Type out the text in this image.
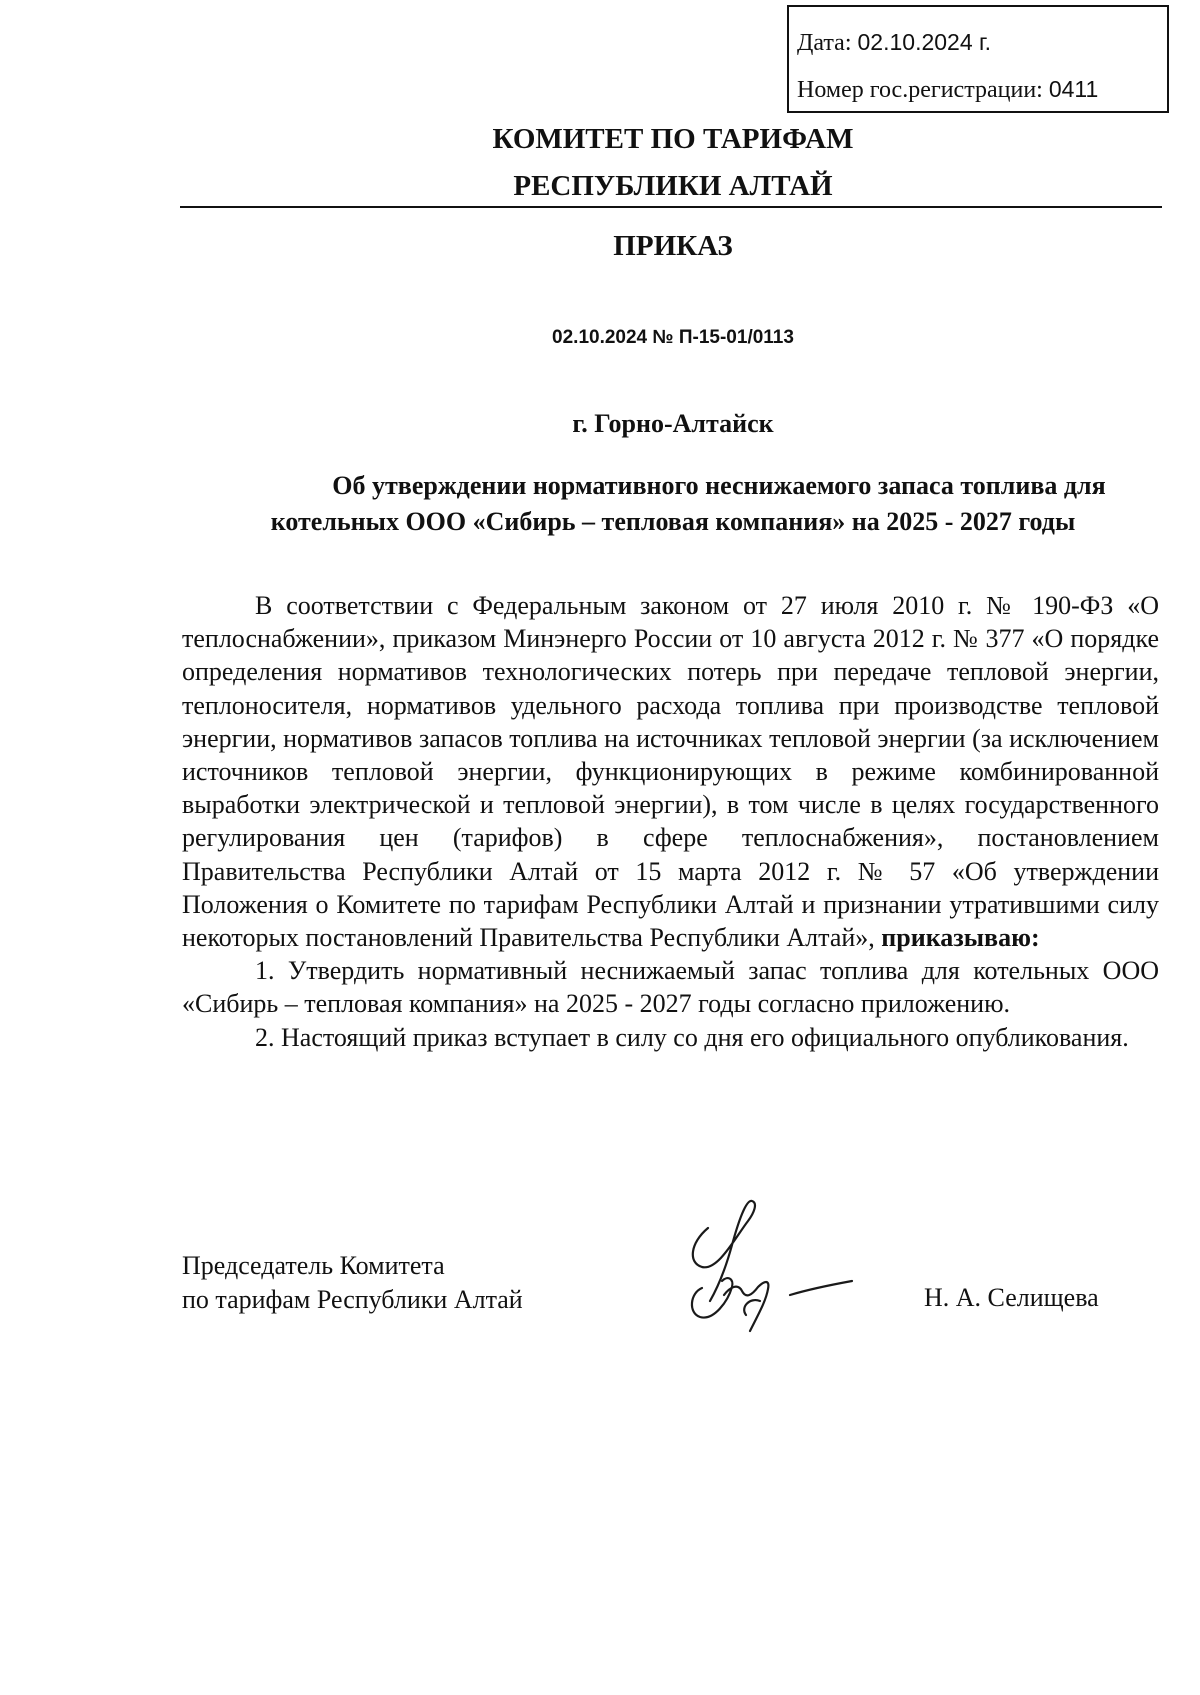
Дата: 02.10.2024 г.
Номер гос.регистрации: 0411
КОМИТЕТ ПО ТАРИФАМ
РЕСПУБЛИКИ АЛТАЙ
ПРИКАЗ
02.10.2024 № П-15-01/0113
г. Горно-Алтайск
Об утверждении нормативного неснижаемого запаса топлива для
котельных ООО «Сибирь – тепловая компания» на 2025 - 2027 годы

В соответствии с Федеральным законом от 27 июля 2010 г. № 190-ФЗ «О теплоснабжении», приказом Минэнерго России от 10 августа 2012 г. № 377 «О порядке определения нормативов технологических потерь при передаче тепловой энергии, теплоносителя, нормативов удельного расхода топлива при производстве тепловой энергии, нормативов запасов топлива на источниках тепловой энергии (за исключением источников тепловой энергии, функционирующих в режиме комбинированной выработки электрической и тепловой энергии), в том числе в целях государственного регулирования цен (тарифов) в сфере теплоснабжения», постановлением Правительства Республики Алтай от 15 марта 2012 г. № 57 «Об утверждении Положения о Комитете по тарифам Республики Алтай и признании утратившими силу некоторых постановлений Правительства Республики Алтай», приказываю:

1. Утвердить нормативный неснижаемый запас топлива для котельных ООО «Сибирь – тепловая компания» на 2025 - 2027 годы согласно приложению.

2. Настоящий приказ вступает в силу со дня его официального опубликования.

Председатель Комитета
по тарифам Республики Алтай	Н. А. Селищева
